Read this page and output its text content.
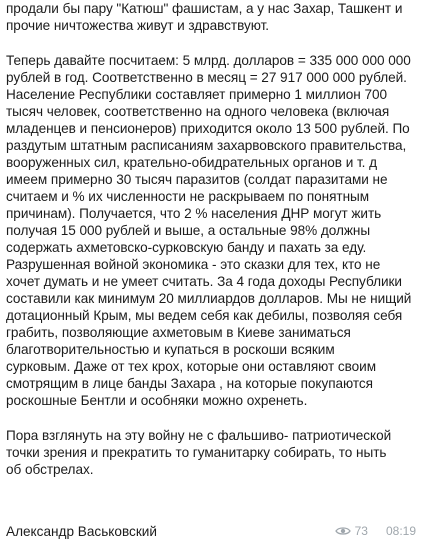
продали бы пару "Катюш" фашистам, а у нас Захар, Ташкент и
прочие ничтожества живут и здравствуют.

Теперь давайте посчитаем: 5 млрд. долларов = 335 000 000 000
рублей в год. Соответственно в месяц = 27 917 000 000 рублей.
Население Республики составляет примерно 1 миллион 700
тысяч человек, соответственно на одного человека (включая
младенцев и пенсионеров) приходится около 13 500 рублей. По
раздутым штатным расписаниям захарвовского правительства,
вооруженных сил, крательно-обидрательных органов и т. д
имеем примерно 30 тысяч паразитов (солдат паразитами не
считаем и % их численности не раскрываем по понятным
причинам). Получается, что 2 % населения ДНР могут жить
получая 15 000 рублей и выше, а остальные 98% должны
содержать ахметовско-сурковскую банду и пахать за еду.
Разрушенная войной экономика - это сказки для тех, кто не
хочет думать и не умеет считать. За 4 года доходы Республики
составили как минимум 20 миллиардов долларов. Мы не нищий
дотационный Крым, мы ведем себя как дебилы, позволяя себя
грабить, позволяющие ахметовым в Киеве заниматься
благотворительностью и купаться в роскоши всяким
сурковым. Даже от тех крох, которые они оставляют своим
смотрящим в лице банды Захара , на которые покупаются
роскошные Бентли и особняки можно охренеть.

Пора взглянуть на эту войну не с фальшиво- патриотической
точки зрения и прекратить то гуманитарку собирать, то ныть
об обстрелах.

Александр Васьковский	73 08:19
